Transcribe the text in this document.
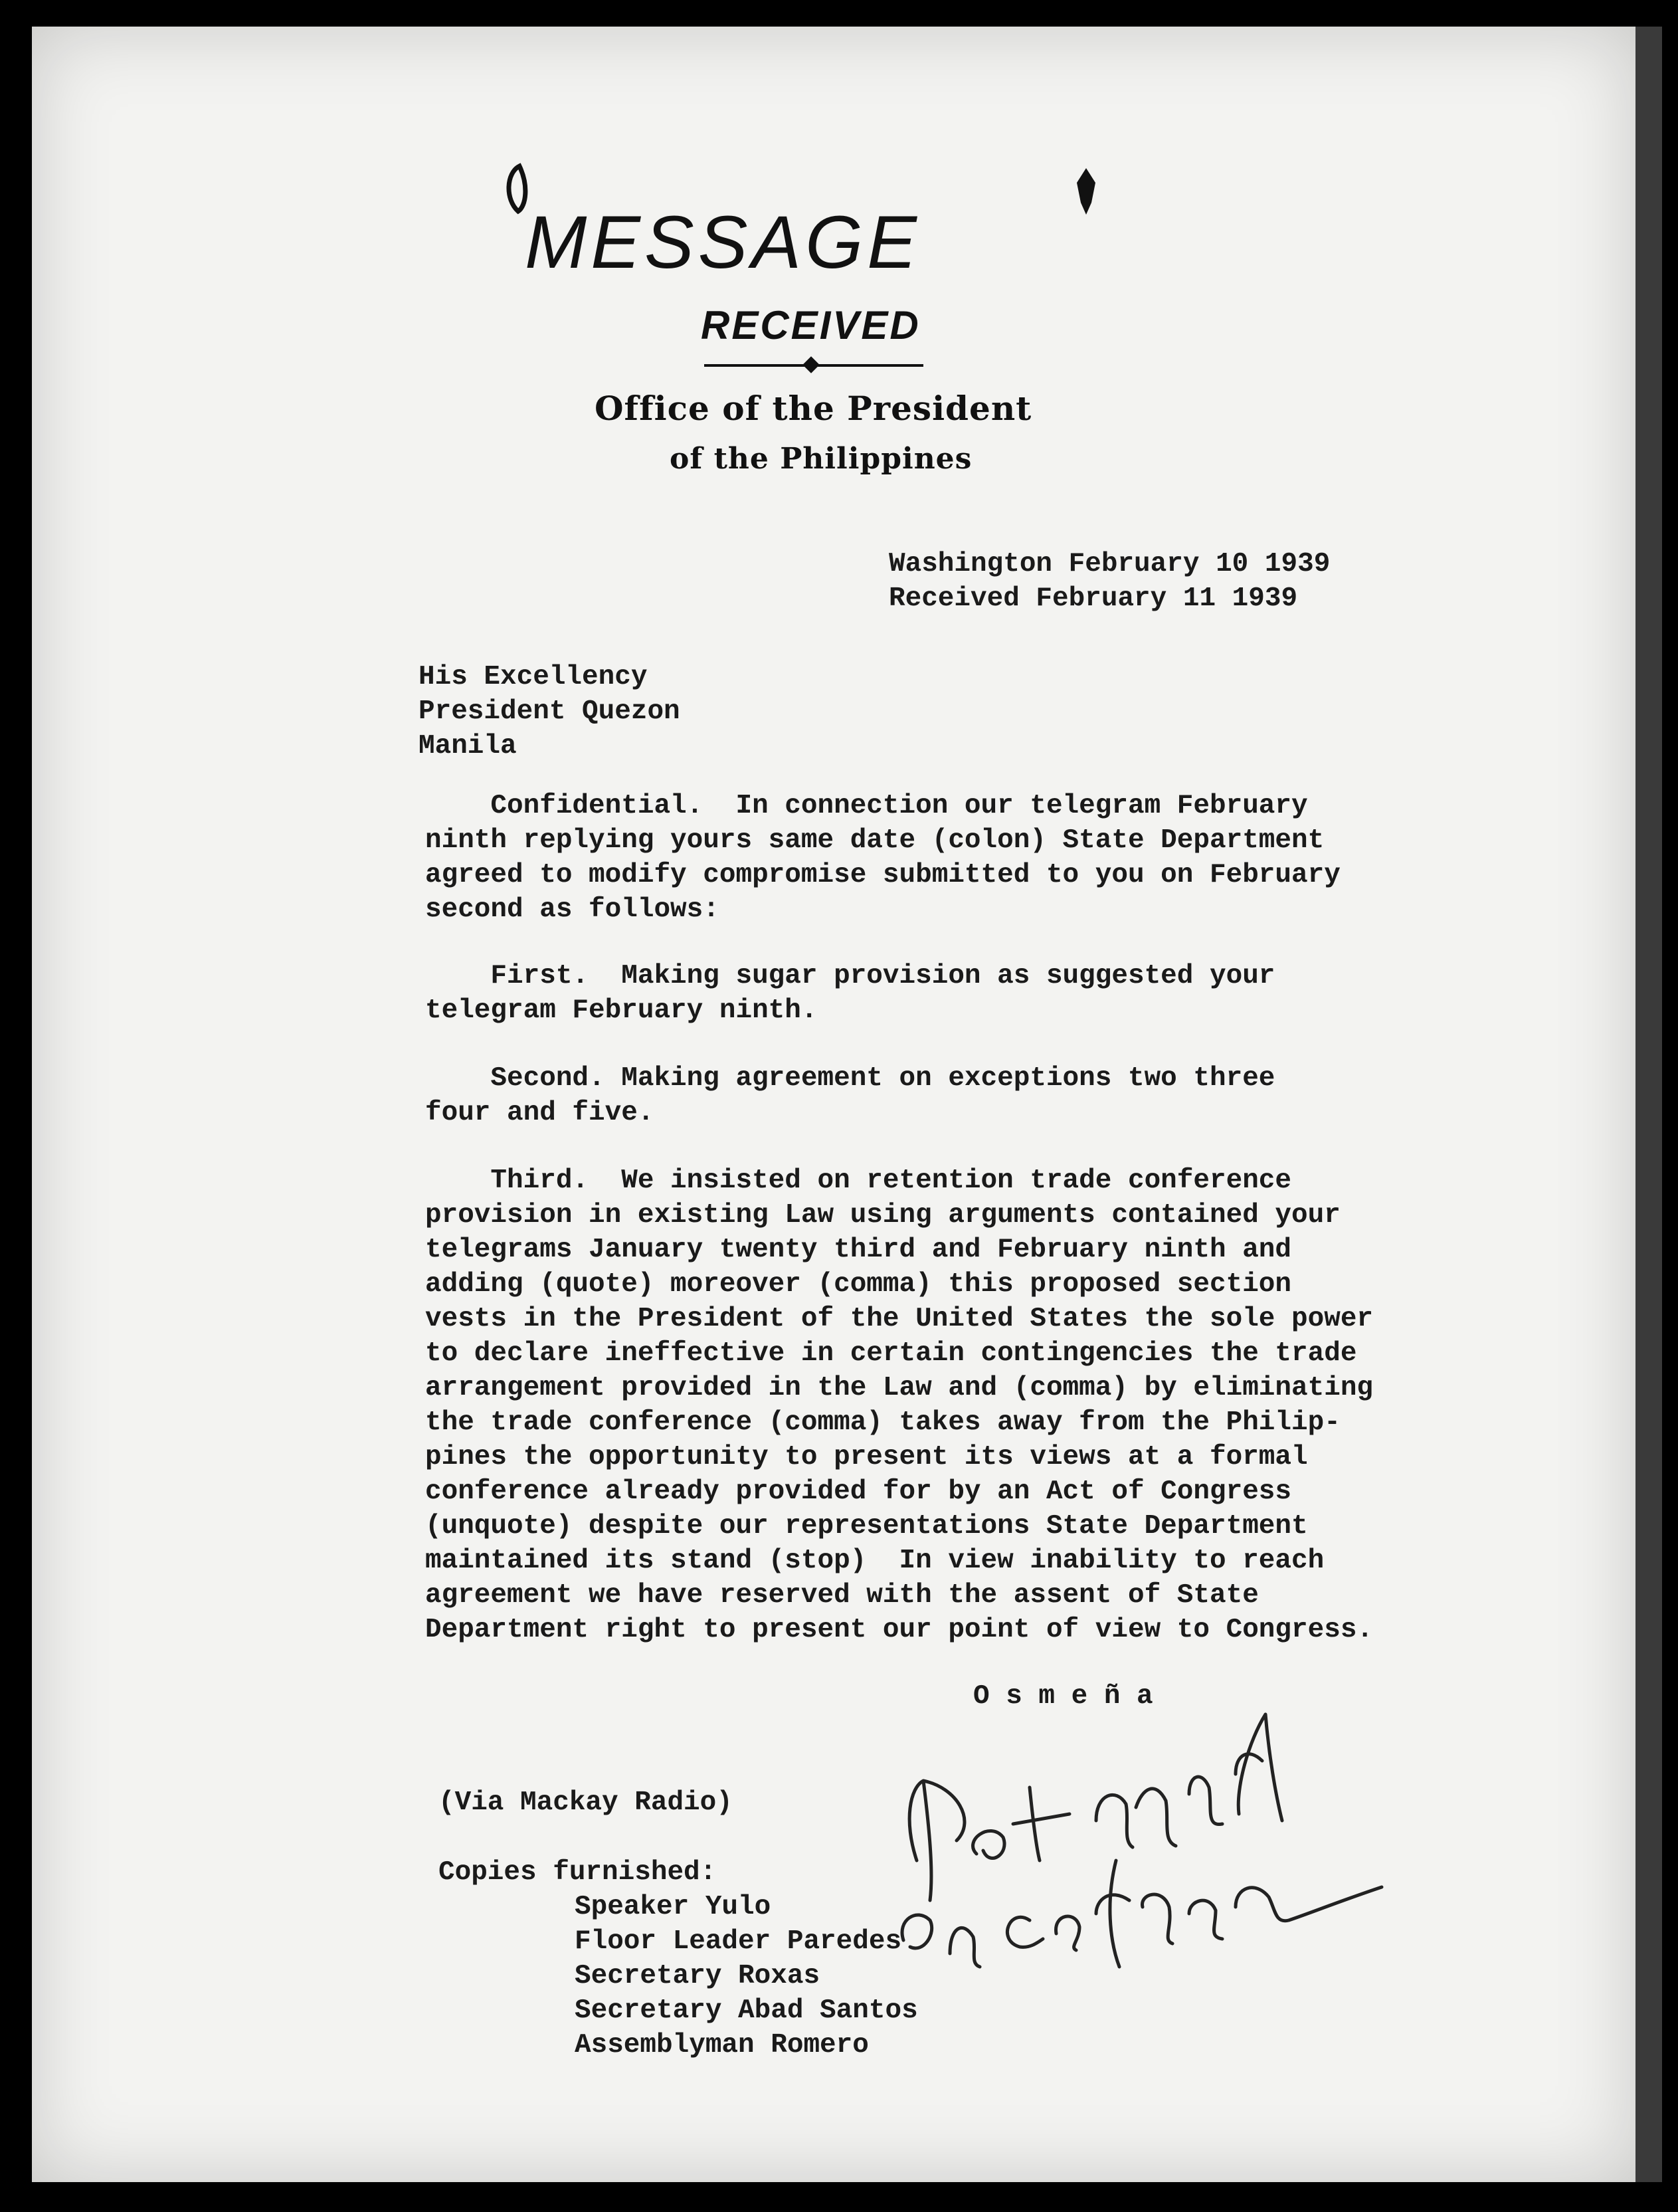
MESSAGE
RECEIVED
Office of the President
of the Philippines
Washington February 10 1939
Received February 11 1939
His Excellency
President Quezon
Manila
Confidential.  In connection our telegram February
ninth replying yours same date (colon) State Department
agreed to modify compromise submitted to you on February
second as follows:
First.  Making sugar provision as suggested your
telegram February ninth.
Second. Making agreement on exceptions two three
four and five.
Third.  We insisted on retention trade conference
provision in existing Law using arguments contained your
telegrams January twenty third and February ninth and
adding (quote) moreover (comma) this proposed section
vests in the President of the United States the sole power
to declare ineffective in certain contingencies the trade
arrangement provided in the Law and (comma) by eliminating
the trade conference (comma) takes away from the Philip-
pines the opportunity to present its views at a formal
conference already provided for by an Act of Congress
(unquote) despite our representations State Department
maintained its stand (stop)  In view inability to reach
agreement we have reserved with the assent of State
Department right to present our point of view to Congress.
O s m e ñ a
(Via Mackay Radio)
Copies furnished:
Speaker Yulo
Floor Leader Paredes
Secretary Roxas
Secretary Abad Santos
Assemblyman Romero
